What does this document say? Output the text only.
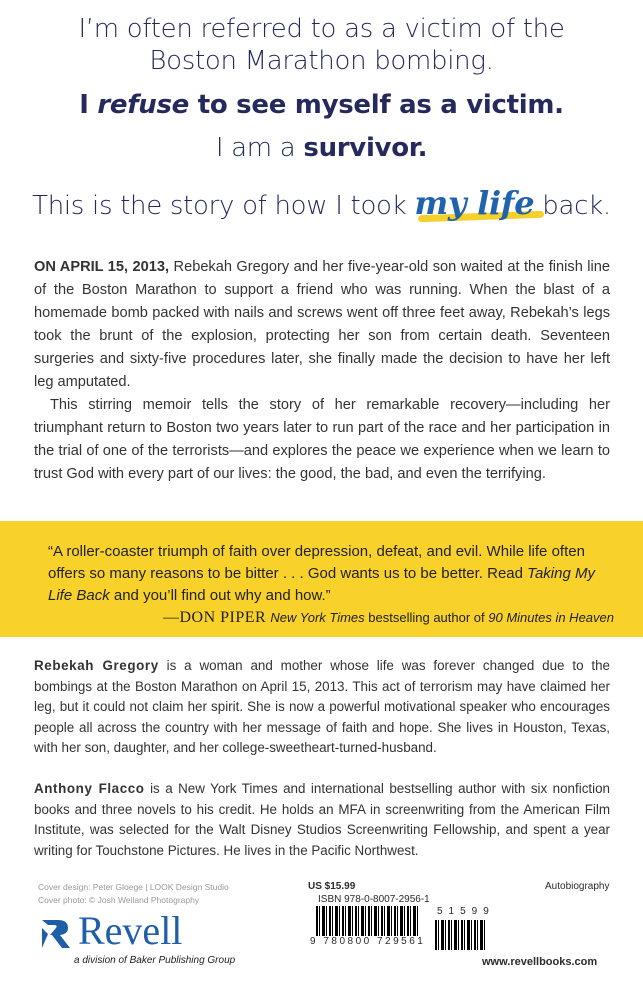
I’m often referred to as a victim of the
Boston Marathon bombing.
I refuse to see myself as a victim.
I am a survivor.
This is the story of how I took
my life back.

ON APRIL 15, 2013, Rebekah Gregory and her five-year-old son waited at the finish line of the Boston Marathon to support a friend who was running. When the blast of a homemade bomb packed with nails and screws went off three feet away, Rebekah’s legs took the brunt of the explosion, protecting her son from certain death. Seventeen surgeries and sixty-five procedures later, she finally made the decision to have her left leg amputated.

This stirring memoir tells the story of her remarkable recovery—including her triumphant return to Boston two years later to run part of the race and her participation in the trial of one of the terrorists—and explores the peace we experience when we learn to trust God with every part of our lives: the good, the bad, and even the terrifying.

“A roller-coaster triumph of faith over depression, defeat, and evil. While life often offers so many reasons to be bitter . . . God wants us to be better. Read Taking My Life Back and you’ll find out why and how.”

—DON PIPER New York Times bestselling author of 90 Minutes in Heaven

Rebekah Gregory is a woman and mother whose life was forever changed due to the bombings at the Boston Marathon on April 15, 2013. This act of terrorism may have claimed her leg, but it could not claim her spirit. She is now a powerful motivational speaker who encourages people all across the country with her message of faith and hope. She lives in Houston, Texas, with her son, daughter, and her college-sweetheart-turned-husband.
Anthony Flacco is a New York Times and international bestselling author with six nonfiction books and three novels to his credit. He holds an MFA in screenwriting from the American Film Institute, was selected for the Walt Disney Studios Screenwriting Fellowship, and spent a year writing for Touchstone Pictures. He lives in the Pacific Northwest.
Cover design: Peter Gloege | LOOK Design Studio
Cover photo: © Josh Weiland Photography
Revell
a division of Baker Publishing Group
US $15.99	Autobiography
ISBN 978-0-8007-2956-1
9 780800 729561
51599
www.revellbooks.com
